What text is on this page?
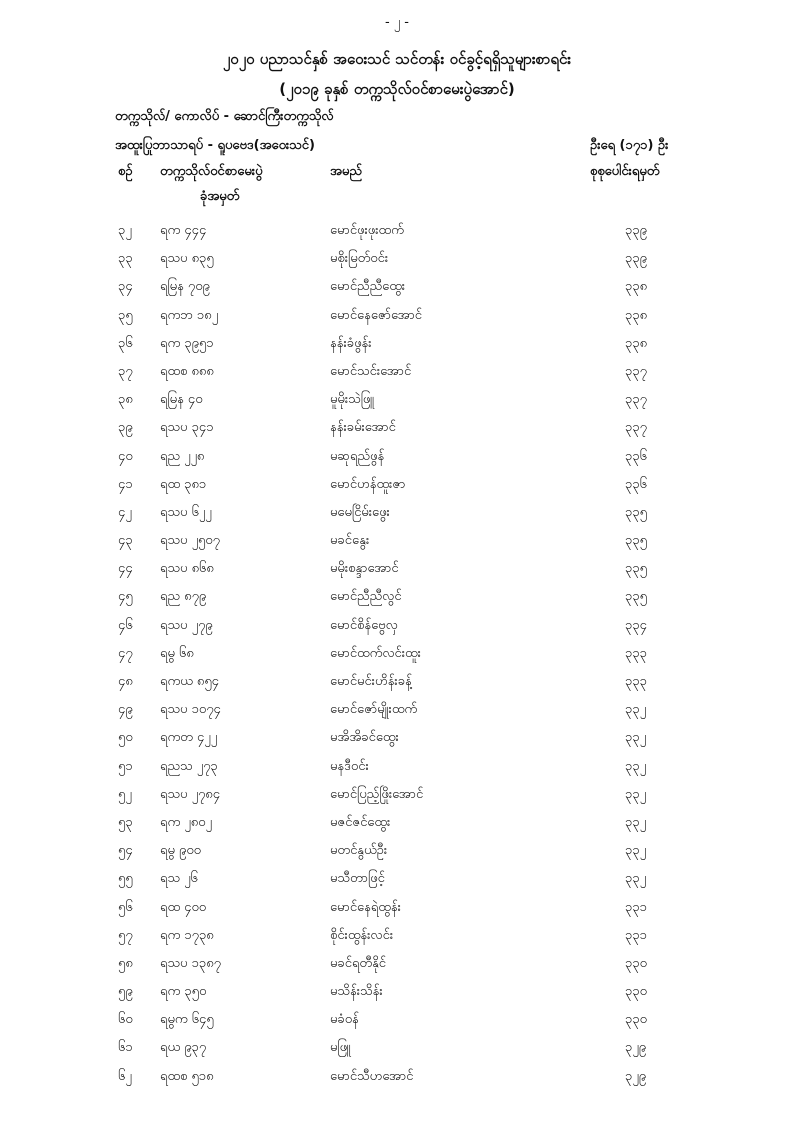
- ၂ -
၂၀၂၀ ပညာသင်နှစ် အဝေးသင် သင်တန်း ဝင်ခွင့်ရရှိသူများစာရင်း
(၂၀၁၉ ခုနှစ် တက္ကသိုလ်ဝင်စာမေးပွဲအောင်)
တက္ကသိုလ်/ ကောလိပ် - ‌ဆောင်ကြီးတက္ကသိုလ်
အထူးပြုဘာသာရပ် - ရူပဗေဒ(အဝေးသင်)	ဦးရေ (၁၇၁) ဦး
စဉ် တက္ကသိုလ်ဝင်စာမေးပွဲ
ခုံအမှတ်
အမည်	စုစုပေါင်းရမှတ်
၃၂ ရက ၄၄၄	မောင်ဖုးဖုးထက်	၃၃၉
၃၃ ရသပ ၈၃၅	မစိုးမြတ်ဝင်း	၃၃၉
၃၄ ရမြန ၇၀၉	မောင်ညီညီထွေး	၃၃၈
၃၅ ရကဘ ၁၈၂	မောင်နေဇော်အောင်	၃၃၈
၃၆ ရက ၃၉၅၁	နန်းခံဖွန်း	၃၃၈
၃၇ ရထစ ၈၈၈	မောင်သင်းအောင်	၃၃၇
၃၈ ရမြန ၄၀	မူမိုးသဲဖြူ	၃၃၇
၃၉ ရသပ ၃၄၁	နန်းခမ်းအောင်	၃၃၇
၄၀ ရည ၂၂၈	မဆုရည်ဖွန်	၃၃၆
၄၁ ရထ ၃၈၁	မောင်ဟန်ထူးဇာ	၃၃၆
၄၂ ရသပ ၆၂၂	မမေငြိမ်းဖွေး	၃၃၅
၄၃ ရသပ ၂၅၀၇	မခင်နွေး	၃၃၅
၄၄ ရသပ ၈၆၈	မမိုးစန္ဒာအောင်	၃၃၅
၄၅ ရည ၈၇၉	မောင်ညီညီလွင်	၃၃၅
၄၆ ရသပ ၂၇၉	မောင်စိန်ဗွေလှ	၃၃၄
၄၇ ရမွ ၆၈	မောင်ထက်လင်းထူး	၃၃၃
၄၈ ရကယ ၈၅၄	မောင်မင်းဟိန်းခန့်	၃၃၃
၄၉ ရသပ ၁၀၇၄	မောင်ဇော်မျိုးထက်	၃၃၂
၅၀ ရကတ ၄၂၂	မအိအိခင်ထွေး	၃၃၂
၅၁ ရညသ ၂၇၃	မနဒီဝင်း	၃၃၂
၅၂ ရသပ ၂၇၈၄	မောင်ပြည့်ဖြိုးအောင်	၃၃၂
၅၃ ရက ၂၈၀၂	မဇင်ဇင်ထွေး	၃၃၂
၅၄ ရမွ ၉၀၀	မတင်နွယ်ဦး	၃၃၂
၅၅ ရသ ၂၆	မသီတာဖြင့်	၃၃၂
၅၆ ရထ ၄၀၀	မောင်နေရဲထွန်း	၃၃၁
၅၇ ရက ၁၇၃၈	စိုင်းထွန်းလင်း	၃၃၁
၅၈ ရသပ ၁၃၈၇	မခင်ရတီနိုင်	၃၃၀
၅၉ ရက ၃၅၀	မသိန်းသိန်း	၃၃၀
၆၀ ရမွက ၆၄၅	မခံဝန်	၃၃၀
၆၁ ရယ ၉၃၇	မဖြူ	၃၂၉
၆၂ ရထစ ၅၁၈	မောင်သီဟအောင်	၃၂၉
